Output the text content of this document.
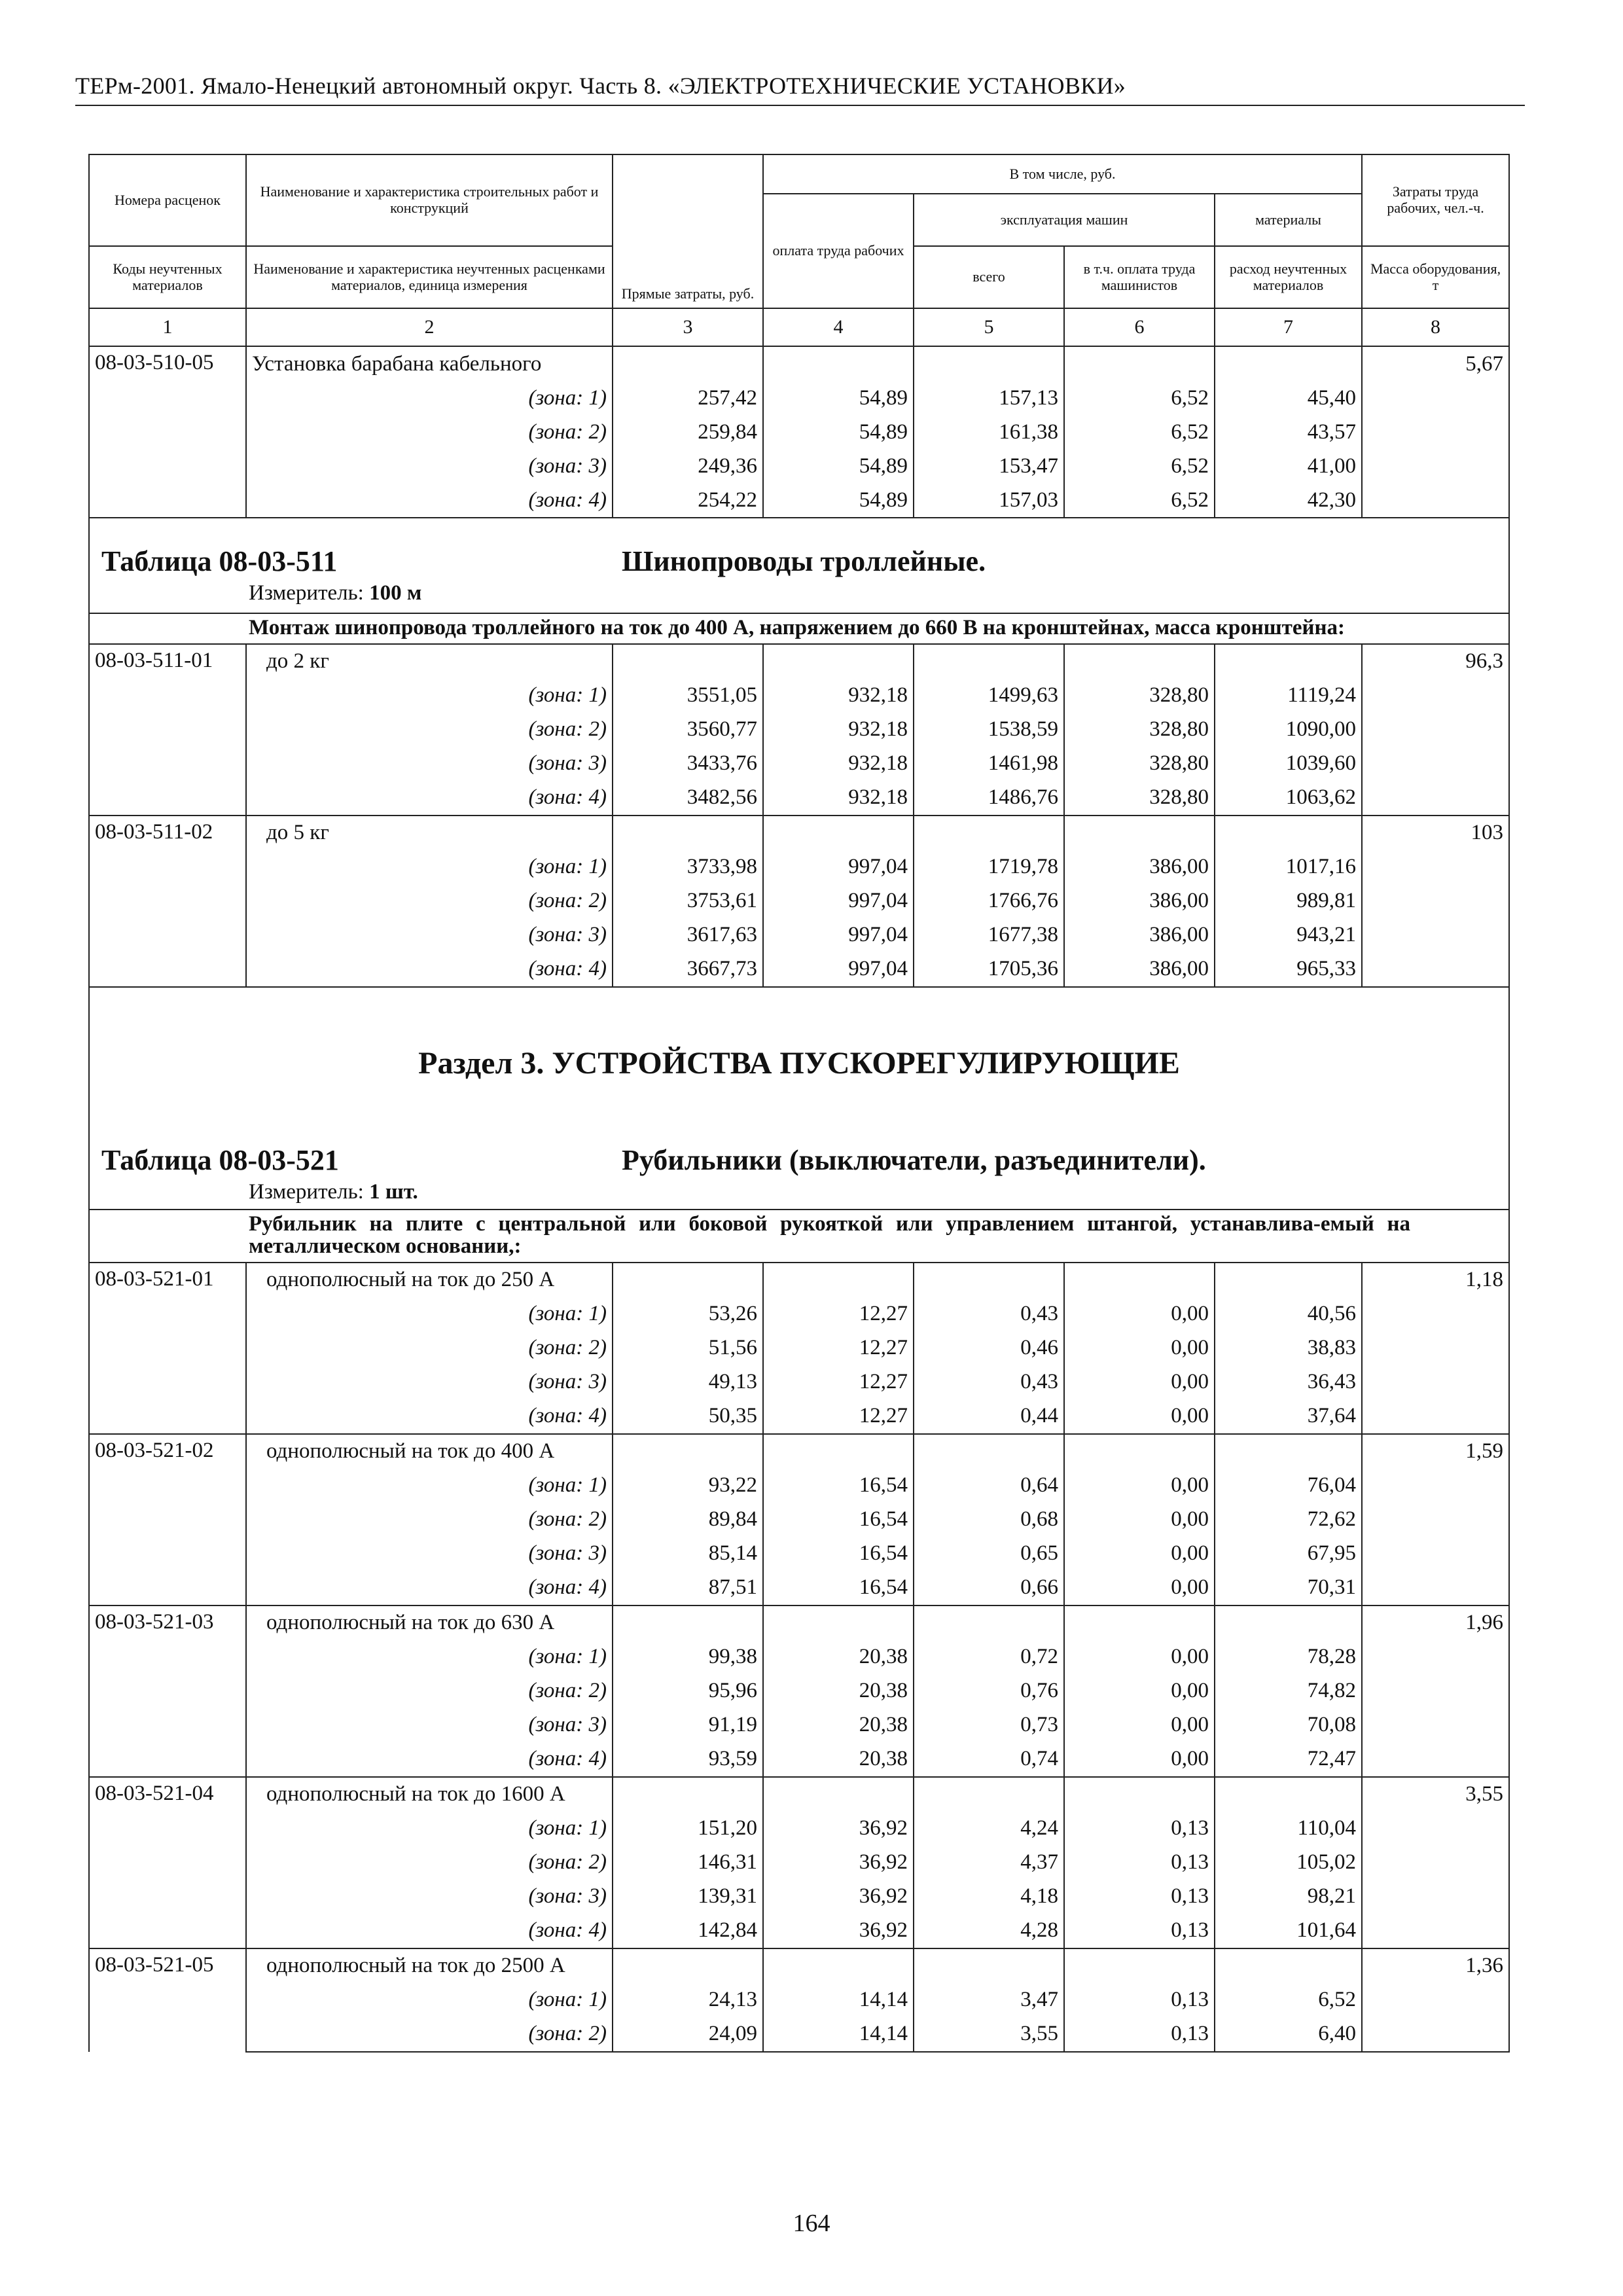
ТЕРм-2001. Ямало-Ненецкий автономный округ. Часть 8. «ЭЛЕКТРОТЕХНИЧЕСКИЕ УСТАНОВКИ»
Номера расценок	Наименование и характеристика строительных работ и конструкций	Прямые затраты, руб.	В том числе, руб.				Затраты труда рабочих, чел.-ч.
			оплата труда рабочих	эксплуатация машин		материалы	
Коды неучтенных материалов	Наименование и характеристика неучтенных расценками материалов, единица измерения			всего	в т.ч. оплата труда машинистов	расход неучтенных материалов	Масса оборудования, т
1	2	3	4	5	6	7	8
08-03-510-05	Установка барабана кабельного						5,67
	(зона: 1)	257,42	54,89	157,13	6,52	45,40	
	(зона: 2)	259,84	54,89	161,38	6,52	43,57	
	(зона: 3)	249,36	54,89	153,47	6,52	41,00	
	(зона: 4)	254,22	54,89	157,03	6,52	42,30	

Таблица 08-03-511 Шинопроводы троллейные.
Измеритель: 100 м							

Монтаж шинопровода троллейного на ток до 400 А, напряжением до 660 В на кронштейнах, масса кронштейна:							

08-03-511-01	до 2 кг						96,3
	(зона: 1)	3551,05	932,18	1499,63	328,80	1119,24	
	(зона: 2)	3560,77	932,18	1538,59	328,80	1090,00	
	(зона: 3)	3433,76	932,18	1461,98	328,80	1039,60	
	(зона: 4)	3482,56	932,18	1486,76	328,80	1063,62	
08-03-511-02	до 5 кг						103
	(зона: 1)	3733,98	997,04	1719,78	386,00	1017,16	
	(зона: 2)	3753,61	997,04	1766,76	386,00	989,81	
	(зона: 3)	3617,63	997,04	1677,38	386,00	943,21	
	(зона: 4)	3667,73	997,04	1705,36	386,00	965,33	

Раздел 3. УСТРОЙСТВА ПУСКОРЕГУЛИРУЮЩИЕ
Таблица 08-03-521 Рубильники (выключатели, разъединители).
Измеритель: 1 шт.							

Рубильник на плите с центральной или боковой рукояткой или управлением штангой, устанавлива-емый на металлическом основании,:							

08-03-521-01	однополюсный на ток до 250 А						1,18
	(зона: 1)	53,26	12,27	0,43	0,00	40,56	
	(зона: 2)	51,56	12,27	0,46	0,00	38,83	
	(зона: 3)	49,13	12,27	0,43	0,00	36,43	
	(зона: 4)	50,35	12,27	0,44	0,00	37,64	
08-03-521-02	однополюсный на ток до 400 А						1,59
	(зона: 1)	93,22	16,54	0,64	0,00	76,04	
	(зона: 2)	89,84	16,54	0,68	0,00	72,62	
	(зона: 3)	85,14	16,54	0,65	0,00	67,95	
	(зона: 4)	87,51	16,54	0,66	0,00	70,31	
08-03-521-03	однополюсный на ток до 630 А						1,96
	(зона: 1)	99,38	20,38	0,72	0,00	78,28	
	(зона: 2)	95,96	20,38	0,76	0,00	74,82	
	(зона: 3)	91,19	20,38	0,73	0,00	70,08	
	(зона: 4)	93,59	20,38	0,74	0,00	72,47	
08-03-521-04	однополюсный на ток до 1600 А						3,55
	(зона: 1)	151,20	36,92	4,24	0,13	110,04	
	(зона: 2)	146,31	36,92	4,37	0,13	105,02	
	(зона: 3)	139,31	36,92	4,18	0,13	98,21	
	(зона: 4)	142,84	36,92	4,28	0,13	101,64	
08-03-521-05	однополюсный на ток до 2500 А						1,36
	(зона: 1)	24,13	14,14	3,47	0,13	6,52	
	(зона: 2)	24,09	14,14	3,55	0,13	6,40	
164
